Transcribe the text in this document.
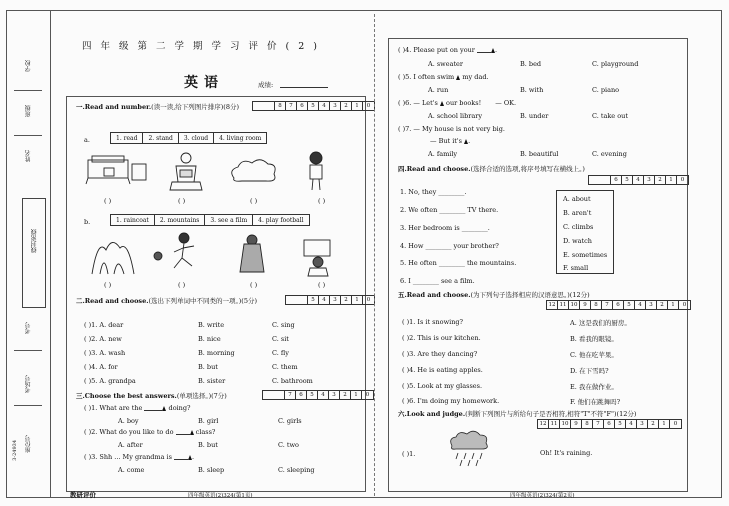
学校
班级
姓名
线封密线
考号
考场号
座位号
3-24934
四年级第二学期学习评价(2)
英语	成绩:
一.Read and number.(读一读,给下列图片排序)(8分)	8	7	6	5	4	3	2	1	0
a.	1. read	2. stand	3. cloud	4. living room
( )	( )	( )	( )
b.	1. raincoat	2. mountains	3. see a film	4. play football
( )	( )	( )	( )
二.Read and choose.(选出下列单词中不同类的一项。)(5分)	5	4	3	2	1	0
( )1. A. dear	B. write	C. sing
( )2. A. new	B. nice	C. sit
( )3. A. wash	B. morning	C. fly
( )4. A. for	B. but	C. them
( )5. A. grandpa	B. sister	C. bathroom
三.Choose the best answers.(单项选择。)(7分)	7	6	5	4	3	2	1	0
( )1. What are the	doing?
A. boy	B. girl	C. girls
( )2. What do you like to do	class?
A. after	B. but	C. two
( )3. Shh ... My grandma is	.
A. come	B. sleep	C. sleeping
教研评价	四年级英语(2)324(第1页)
( )4. Please put on your	.
A. sweater	B. bed	C. playground
( )5. I often swim my dad.
A. run	B. with	C. piano
( )6. — Let's our books! — OK.
A. school library	B. under	C. take out
( )7. — My house is not very big.
— But it's .
A. family	B. beautiful	C. evening
四.Read and choose.(选择合适的选项,将序号填写在横线上。)
6	5	4	3	2	1	0
1. No, they ________.
2. We often ________ TV there.
3. Her bedroom is ________.
4. How ________ your brother?
5. He often ________ the mountains.
6. I ________ see a film.
A. about
B. aren't
C. climbs
D. watch
E. sometimes
F. small
五.Read and choose.(为下列句子选择相应的汉语意思。)(12分)
12 11 10	9	8	7	6	5	4	3	2	1	0
( )1. Is it snowing?	A. 这是我们的厨房。
( )2. This is our kitchen.	B. 看我的眼镜。
( )3. Are they dancing?	C. 他在吃苹果。
( )4. He is eating apples.	D. 在下雪吗?
( )5. Look at my glasses.	E. 我在做作业。
( )6. I'm doing my homework.	F. 他们在跳舞吗?
六.Look and judge.(判断下列图片与所给句子是否相符,相符"T"不符"F")(12分)
12 11 10	9	8	7	6	5	4	3	2	1	0
( )1.	Oh! It's raining.
四年级英语(2)324(第2页)
